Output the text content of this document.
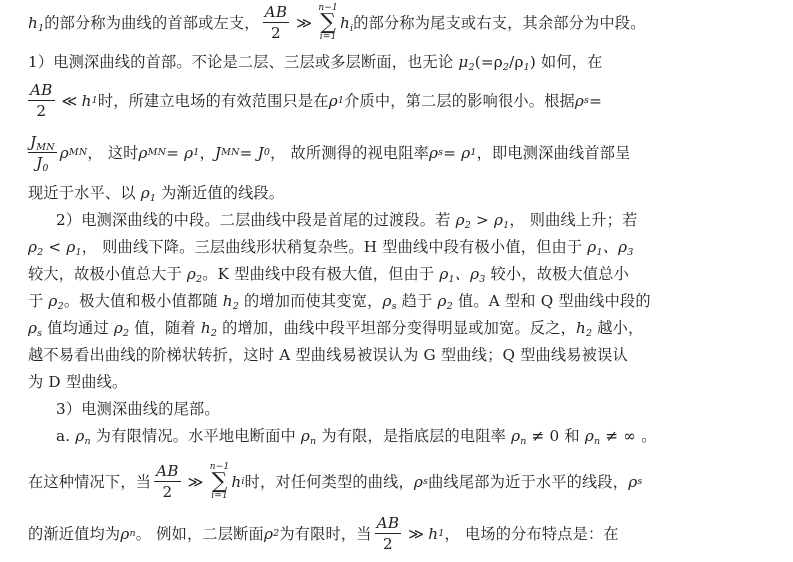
$h_1$ 的部分称为曲线的首部或左支， $\frac{AB}{2}$ ≫
n−1
∑
i=1
$h_i$ 的部分称为尾支或右支，其余部分为中段。
1）电测深曲线的首部。不论是二层、三层或多层断面，也无论 $\mu_2(=\rho_2/\rho_1)$ 如何，在
$\frac{AB}{2}$ ≪ h 1 时，所建立电场的有效范围只是在 ρ 1 介质中，第二层的影响很小。根据 ρ s =
$\frac{J_{MN}}{J_0}$ ρ MN ， 这时 ρ MN = ρ 1 ， J MN = J 0 ， 故所测得的视电阻率 ρ s = ρ 1 ，即电测深曲线首部呈
现近于水平、以 $\rho_1$ 为渐近值的线段。
2）电测深曲线的中段。二层曲线中段是首尾的过渡段。若 $\rho_2 > \rho_1$， 则曲线上升；若
$\rho_2 < \rho_1$， 则曲线下降。三层曲线形状稍复杂些。H 型曲线中段有极小值，但由于 $\rho_1$、$\rho_3$
较大，故极小值总大于 $\rho_2$。K 型曲线中段有极大值，但由于 $\rho_1$、$\rho_3$ 较小，故极大值总小
于 $\rho_2$。极大值和极小值都随 $h_2$ 的增加而使其变宽，$\rho_s$ 趋于 $\rho_2$ 值。A 型和 Q 型曲线中段的
$\rho_s$ 值均通过 $\rho_2$ 值，随着 $h_2$ 的增加，曲线中段平坦部分变得明显或加宽。反之，$h_2$ 越小，
越不易看出曲线的阶梯状转折，这时 A 型曲线易被误认为 G 型曲线；Q 型曲线易被误认
为 D 型曲线。
3）电测深曲线的尾部。
a. $\rho_n$ 为有限情况。水平地电断面中 $\rho_n$ 为有限，是指底层的电阻率 $\rho_n \ne 0$ 和 $\rho_n$ ≠ ∞ 。
在这种情况下，当 $\frac{AB}{2}$ ≫
n−1
∑
i=1
h i 时，对任何类型的曲线， ρ s 曲线尾部为近于水平的线段， ρ s
的渐近值均为 ρ n 。 例如，二层断面 ρ 2 为有限时，当 $\frac{AB}{2}$ ≫ h 1 ， 电场的分布特点是：在
